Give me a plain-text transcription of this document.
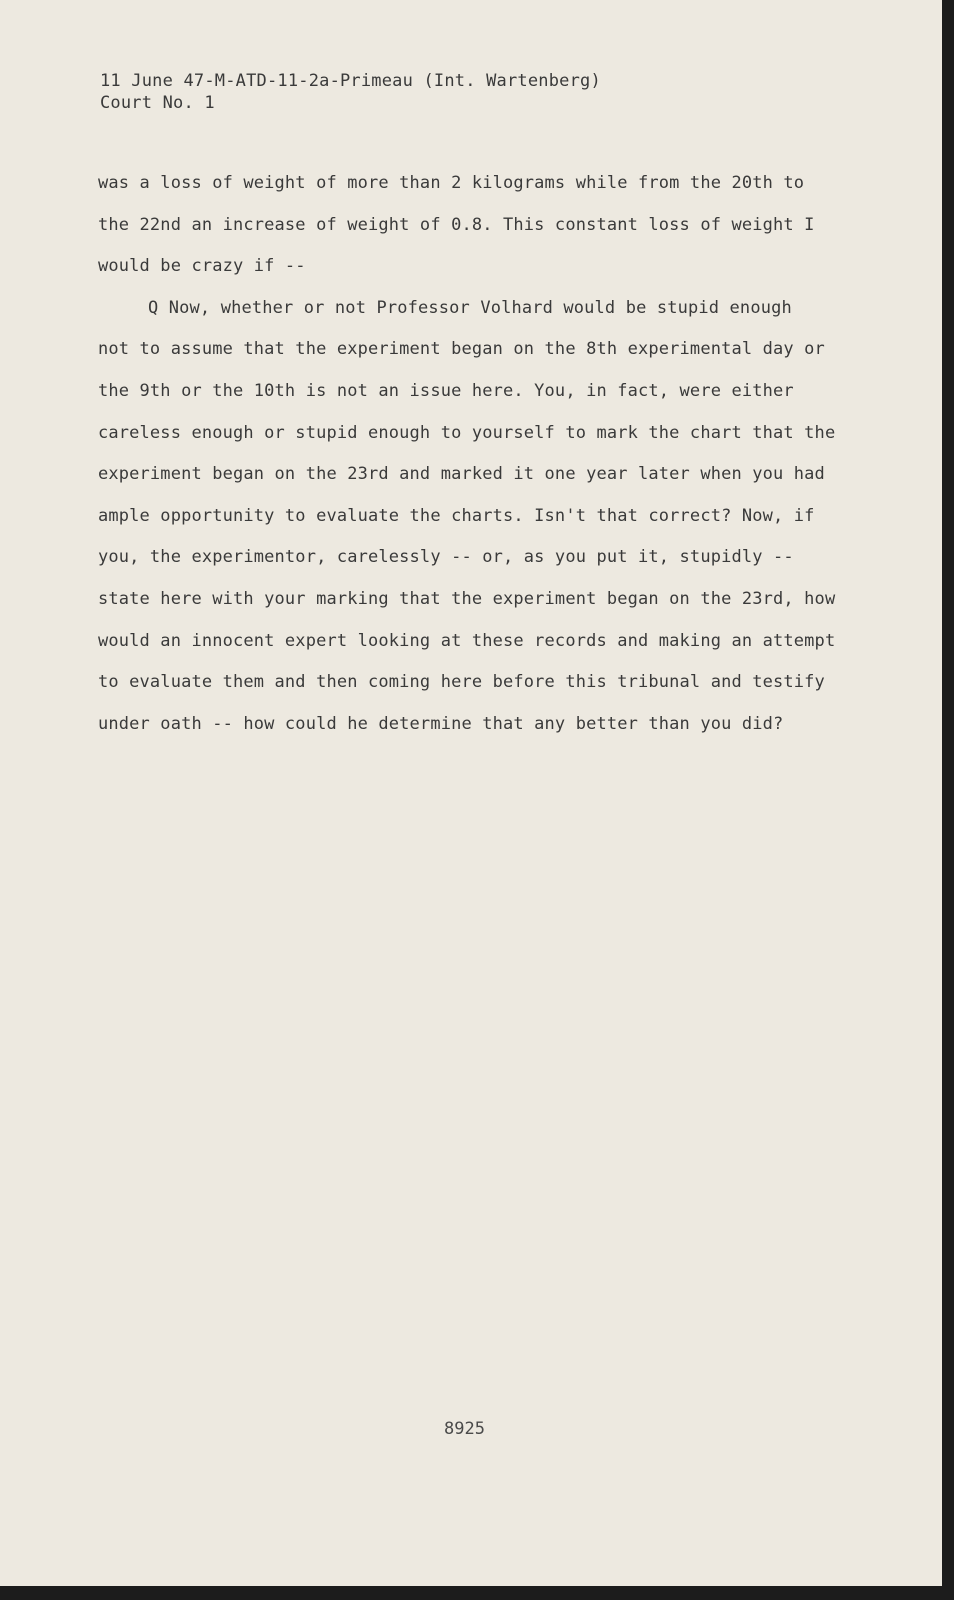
11 June 47-M-ATD-11-2a-Primeau (Int. Wartenberg)
Court No. 1
was a loss of weight of more than 2 kilograms while from the 20th to
the 22nd an increase of weight of 0.8. This constant loss of weight I
would be crazy if --
Q Now, whether or not Professor Volhard would be stupid enough
not to assume that the experiment began on the 8th experimental day or
the 9th or the 10th is not an issue here. You, in fact, were either
careless enough or stupid enough to yourself to mark the chart that the
experiment began on the 23rd and marked it one year later when you had
ample opportunity to evaluate the charts. Isn't that correct? Now, if
you, the experimentor, carelessly -- or, as you put it, stupidly --
state here with your marking that the experiment began on the 23rd, how
would an innocent expert looking at these records and making an attempt
to evaluate them and then coming here before this tribunal and testify
under oath -- how could he determine that any better than you did?
8925
